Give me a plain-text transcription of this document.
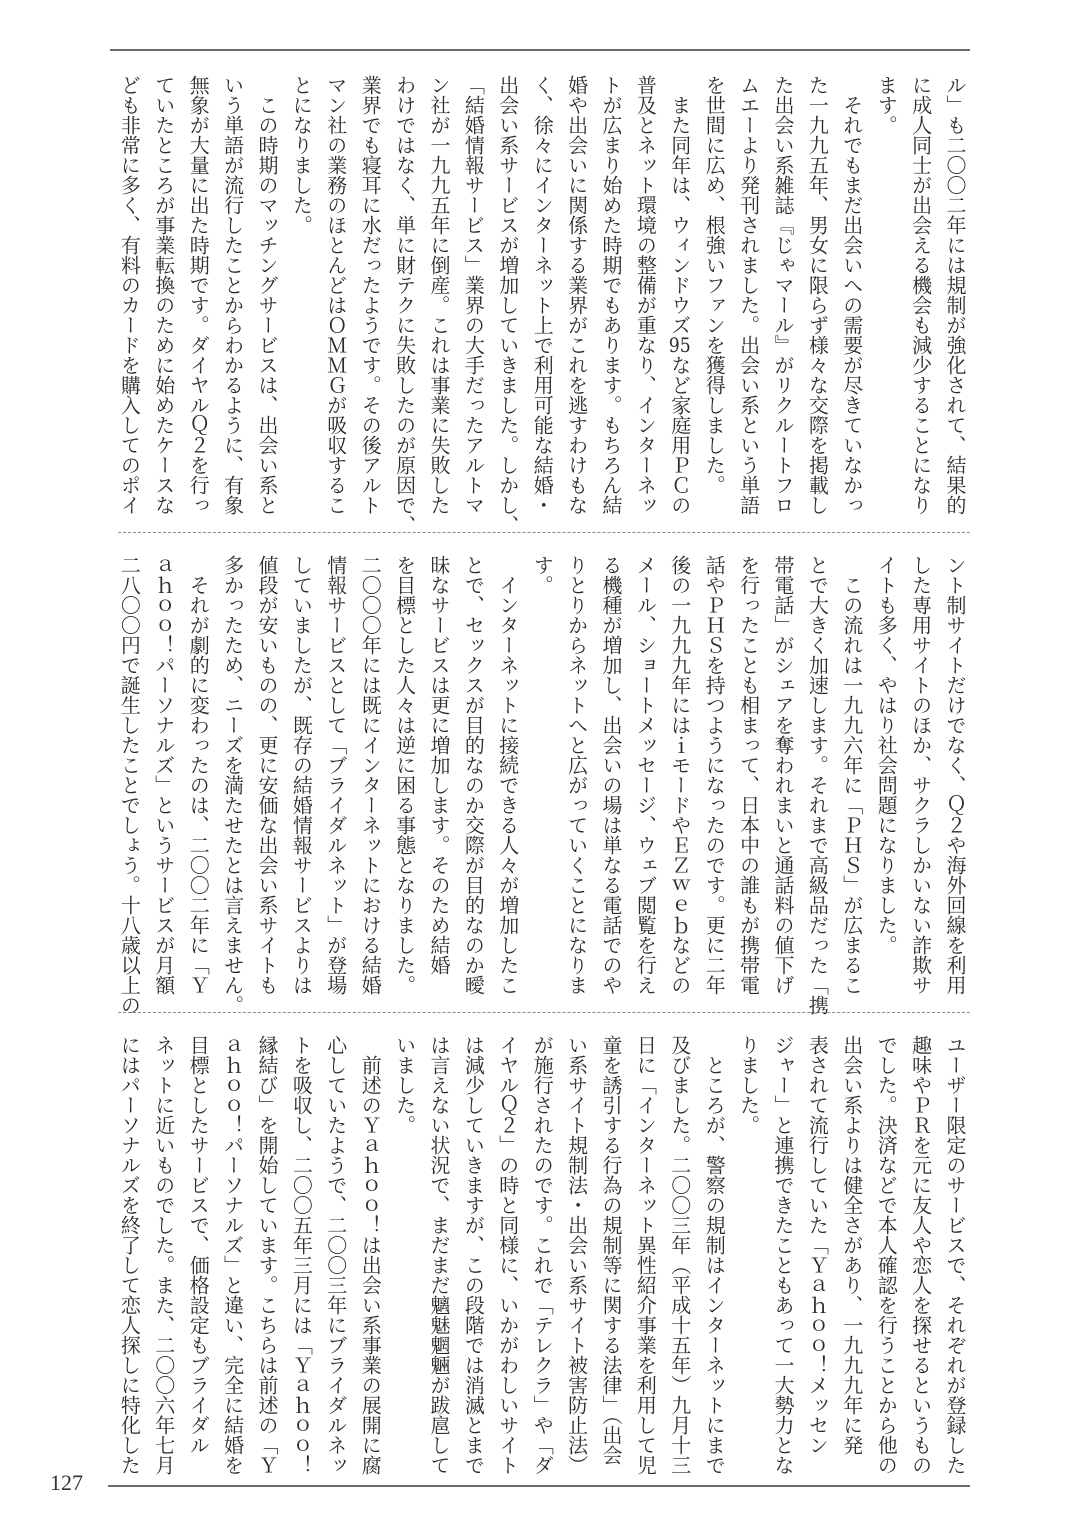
ル」も二〇〇二年には規制が強化されて、結果的
に成人同士が出会える機会も減少することになり
ます。
　それでもまだ出会いへの需要が尽きていなかっ
た一九九五年、男女に限らず様々な交際を掲載し
た出会い系雑誌『じゃマール』がリクルートフロ
ムエーより発刊されました。出会い系という単語
を世間に広め、根強いファンを獲得しました。
　また同年は、ウィンドウズ95など家庭用ＰＣの
普及とネット環境の整備が重なり、インターネッ
トが広まり始めた時期でもあります。もちろん結
婚や出会いに関係する業界がこれを逃すわけもな
く、徐々にインターネット上で利用可能な結婚・
出会い系サービスが増加していきました。しかし、
「結婚情報サービス」業界の大手だったアルトマ
ン社が一九九五年に倒産。これは事業に失敗した
わけではなく、単に財テクに失敗したのが原因で、
業界でも寝耳に水だったようです。その後アルト
マン社の業務のほとんどはＯＭＭＧが吸収するこ
とになりました。
　この時期のマッチングサービスは、出会い系と
いう単語が流行したことからわかるように、有象
無象が大量に出た時期です。ダイヤルＱ２を行っ
ていたところが事業転換のために始めたケースな
ども非常に多く、有料のカードを購入してのポイ
ント制サイトだけでなく、Ｑ２や海外回線を利用
した専用サイトのほか、サクラしかいない詐欺サ
イトも多く、やはり社会問題になりました。
　この流れは一九九六年に「ＰＨＳ」が広まるこ
とで大きく加速します。それまで高級品だった「携
帯電話」がシェアを奪われまいと通話料の値下げ
を行ったことも相まって、日本中の誰もが携帯電
話やＰＨＳを持つようになったのです。更に二年
後の一九九九年にはｉモードやＥＺｗｅｂなどの
メール、ショートメッセージ、ウェブ閲覧を行え
る機種が増加し、出会いの場は単なる電話でのや
りとりからネットへと広がっていくことになりま
す。
　インターネットに接続できる人々が増加したこ
とで、セックスが目的なのか交際が目的なのか曖
昧なサービスは更に増加します。そのため結婚
を目標とした人々は逆に困る事態となりました。
二〇〇〇年には既にインターネットにおける結婚
情報サービスとして「ブライダルネット」が登場
していましたが、既存の結婚情報サービスよりは
値段が安いものの、更に安価な出会い系サイトも
多かったため、ニーズを満たせたとは言えません。
　それが劇的に変わったのは、二〇〇二年に「Ｙ
ａｈｏｏ！パーソナルズ」というサービスが月額
二八〇〇円で誕生したことでしょう。十八歳以上の
ユーザー限定のサービスで、それぞれが登録した
趣味やＰＲを元に友人や恋人を探せるというもの
でした。決済などで本人確認を行うことから他の
出会い系よりは健全さがあり、一九九九年に発
表されて流行していた「Ｙａｈｏｏ！メッセン
ジャー」と連携できたこともあって一大勢力とな
りました。
　ところが、警察の規制はインターネットにまで
及びました。二〇〇三年（平成十五年）九月十三
日に「インターネット異性紹介事業を利用して児
童を誘引する行為の規制等に関する法律」（出会
い系サイト規制法・出会い系サイト被害防止法）
が施行されたのです。これで「テレクラ」や「ダ
イヤルＱ２」の時と同様に、いかがわしいサイト
は減少していきますが、この段階では消滅とまで
は言えない状況で、まだまだ魑魅魍魎が跋扈して
いました。
　前述のＹａｈｏｏ！は出会い系事業の展開に腐
心していたようで、二〇〇三年にブライダルネッ
トを吸収し、二〇〇五年三月には「Ｙａｈｏｏ！
縁結び」を開始しています。こちらは前述の「Ｙ
ａｈｏｏ！パーソナルズ」と違い、完全に結婚を
目標としたサービスで、価格設定もブライダル
ネットに近いものでした。また、二〇〇六年七月
にはパーソナルズを終了して恋人探しに特化した
127
